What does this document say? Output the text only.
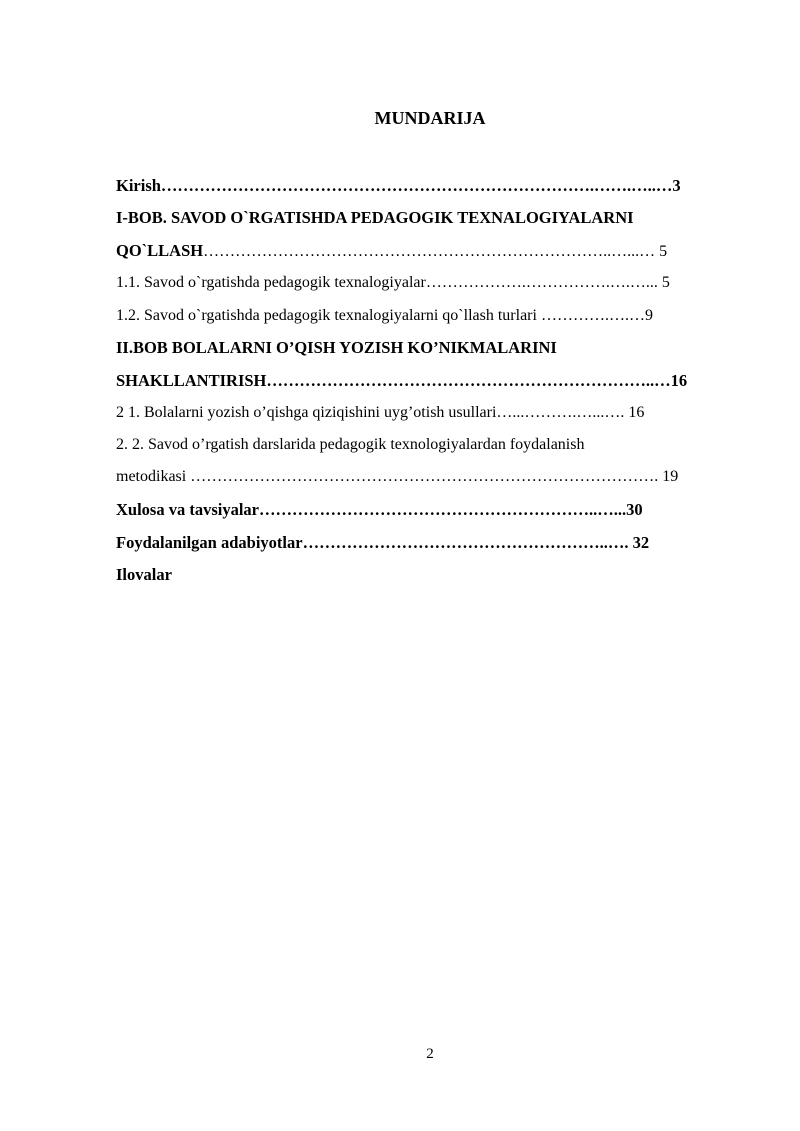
MUNDARIJA
Kirish…………………………………………………………………….…….…..…3
I-BOB. SAVOD O`RGATISHDA PEDAGOGIK TEXNALOGIYALARNI
QO`LLASH…………………………………………………………………..…...… 5
1.1. Savod o`rgatishda pedagogik texnalogiyalar……………….…………….….…... 5
1.2. Savod o`rgatishda pedagogik texnalogiyalarni qo`llash turlari ………….….…9
II.BOB BOLALARNI O’QISH YOZISH KO’NIKMALARINI
SHAKLLANTIRISH……………………………………………………………..…16
2 1. Bolalarni yozish o’qishga qiziqishini uyg’otish usullari…...……….…...…. 16
2. 2. Savod o’rgatish darslarida pedagogik texnologiyalardan foydalanish
metodikasi ……………………………………………………………………………. 19
Xulosa va tavsiyalar……………………………………………………..…...30
Foydalanilgan adabiyotlar………………………………………………..…. 32
Ilovalar
2
